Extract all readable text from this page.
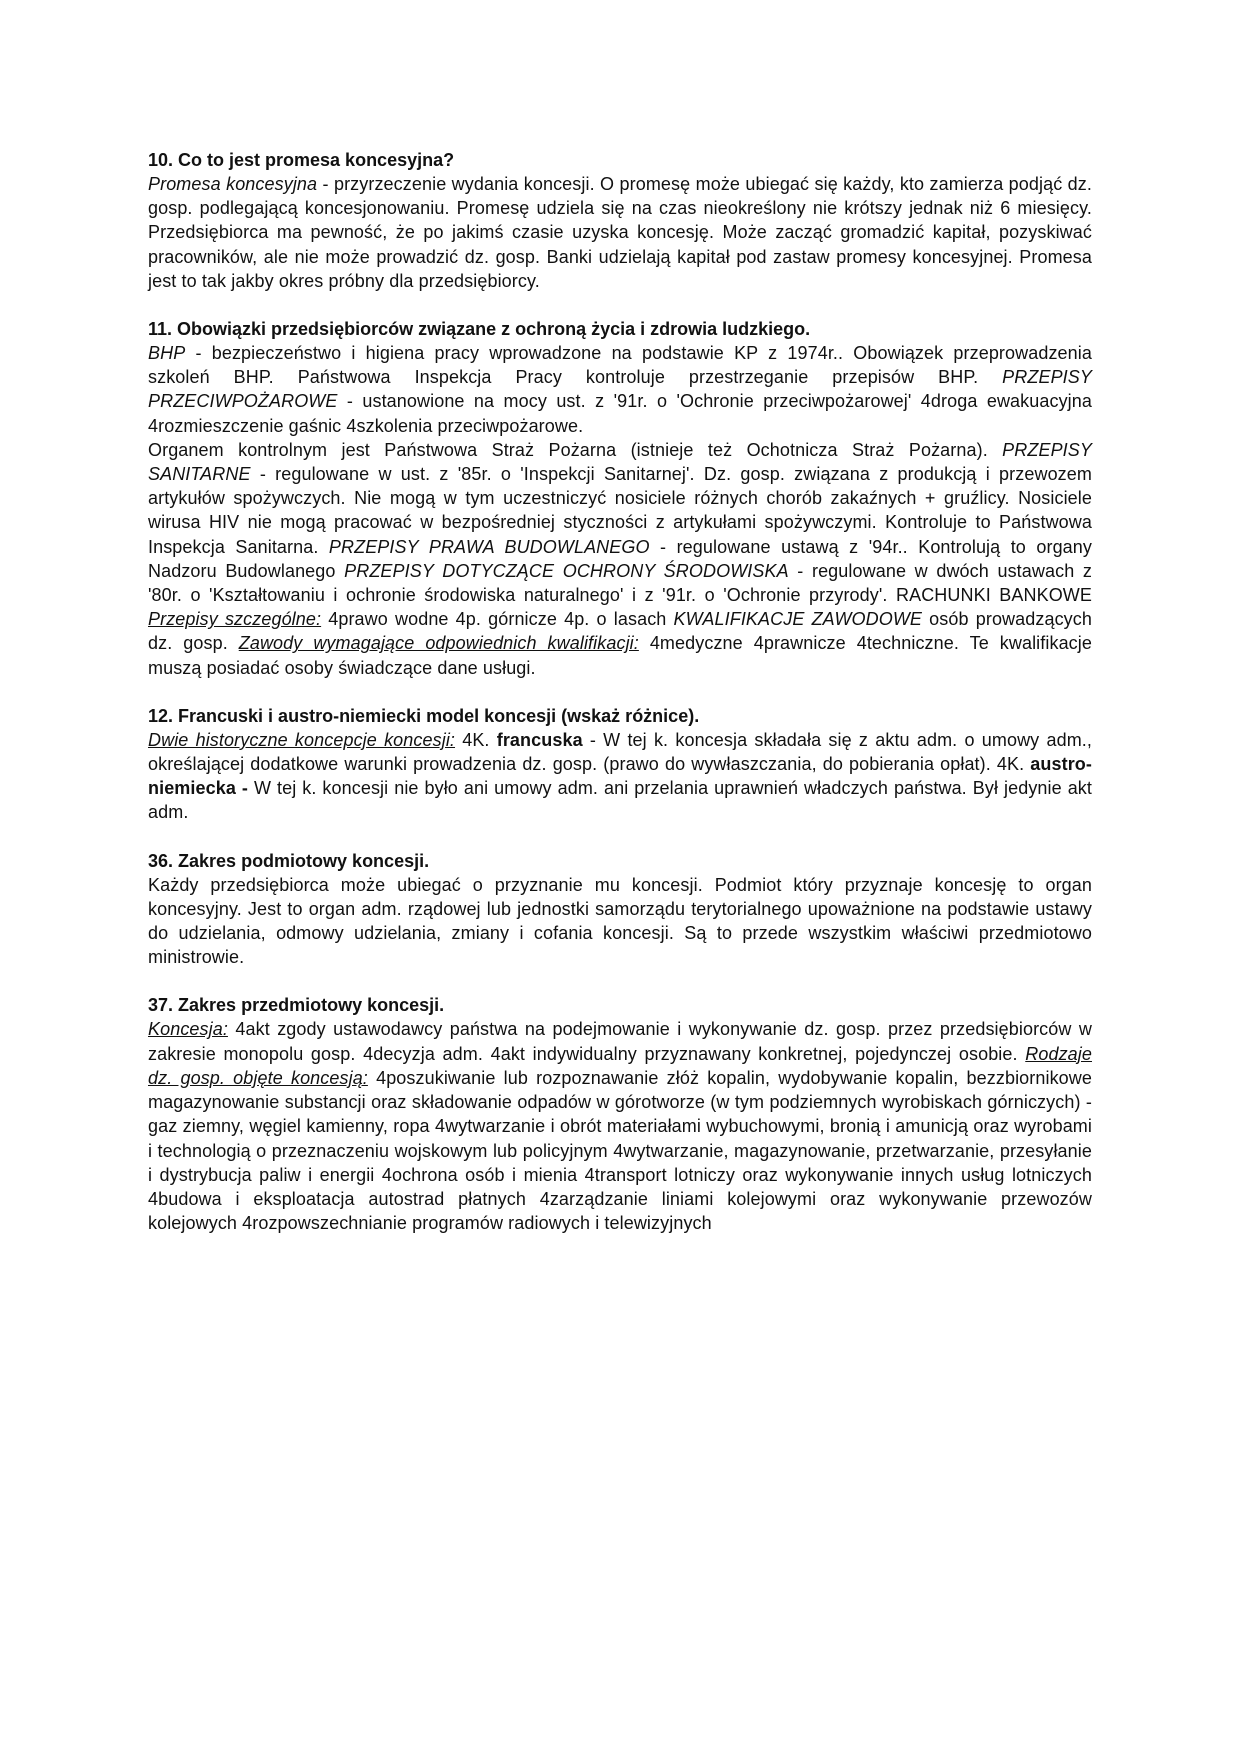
10. Co to jest promesa koncesyjna?

Promesa koncesyjna - przyrzeczenie wydania koncesji. O promesę może ubiegać się każdy, kto zamierza podjąć dz. gosp. podlegającą koncesjonowaniu. Promesę udziela się na czas nieokreślony nie krótszy jednak niż 6 miesięcy. Przedsiębiorca ma pewność, że po jakimś czasie uzyska koncesję. Może zacząć gromadzić kapitał, pozyskiwać pracowników, ale nie może prowadzić dz. gosp. Banki udzielają kapitał pod zastaw promesy koncesyjnej. Promesa jest to tak jakby okres próbny dla przedsiębiorcy.

11. Obowiązki przedsiębiorców związane z ochroną życia i zdrowia ludzkiego.

BHP - bezpieczeństwo i higiena pracy wprowadzone na podstawie KP z 1974r.. Obowiązek przeprowadzenia szkoleń BHP. Państwowa Inspekcja Pracy kontroluje przestrzeganie przepisów BHP. PRZEPISY PRZECIWPOŻAROWE - ustanowione na mocy ust. z '91r. o 'Ochronie przeciwpożarowej' 4droga ewakuacyjna 4rozmieszczenie gaśnic 4szkolenia przeciwpożarowe.

Organem kontrolnym jest Państwowa Straż Pożarna (istnieje też Ochotnicza Straż Pożarna). PRZEPISY SANITARNE - regulowane w ust. z '85r. o 'Inspekcji Sanitarnej'. Dz. gosp. związana z produkcją i przewozem artykułów spożywczych. Nie mogą w tym uczestniczyć nosiciele różnych chorób zakaźnych + gruźlicy. Nosiciele wirusa HIV nie mogą pracować w bezpośredniej styczności z artykułami spożywczymi. Kontroluje to Państwowa Inspekcja Sanitarna. PRZEPISY PRAWA BUDOWLANEGO - regulowane ustawą z '94r.. Kontrolują to organy Nadzoru Budowlanego PRZEPISY DOTYCZĄCE OCHRONY ŚRODOWISKA - regulowane w dwóch ustawach z '80r. o 'Kształtowaniu i ochronie środowiska naturalnego' i z '91r. o 'Ochronie przyrody'. RACHUNKI BANKOWE Przepisy szczególne: 4prawo wodne 4p. górnicze 4p. o lasach KWALIFIKACJE ZAWODOWE osób prowadzących dz. gosp. Zawody wymagające odpowiednich kwalifikacji: 4medyczne 4prawnicze 4techniczne. Te kwalifikacje muszą posiadać osoby świadczące dane usługi.

12. Francuski i austro-niemiecki model koncesji (wskaż różnice).

Dwie historyczne koncepcje koncesji: 4K. francuska - W tej k. koncesja składała się z aktu adm. o umowy adm., określającej dodatkowe warunki prowadzenia dz. gosp. (prawo do wywłaszczania, do pobierania opłat). 4K. austro-niemiecka - W tej k. koncesji nie było ani umowy adm. ani przelania uprawnień władczych państwa. Był jedynie akt adm.

36. Zakres podmiotowy koncesji.

Każdy przedsiębiorca może ubiegać o przyznanie mu koncesji. Podmiot który przyznaje koncesję to organ koncesyjny. Jest to organ adm. rządowej lub jednostki samorządu terytorialnego upoważnione na podstawie ustawy do udzielania, odmowy udzielania, zmiany i cofania koncesji. Są to przede wszystkim właściwi przedmiotowo ministrowie.

37. Zakres przedmiotowy koncesji.

Koncesja: 4akt zgody ustawodawcy państwa na podejmowanie i wykonywanie dz. gosp. przez przedsiębiorców w zakresie monopolu gosp. 4decyzja adm. 4akt indywidualny przyznawany konkretnej, pojedynczej osobie. Rodzaje dz. gosp. objęte koncesją: 4poszukiwanie lub rozpoznawanie złóż kopalin, wydobywanie kopalin, bezzbiornikowe magazynowanie substancji oraz składowanie odpadów w górotworze (w tym podziemnych wyrobiskach górniczych) - gaz ziemny, węgiel kamienny, ropa 4wytwarzanie i obrót materiałami wybuchowymi, bronią i amunicją oraz wyrobami i technologią o przeznaczeniu wojskowym lub policyjnym 4wytwarzanie, magazynowanie, przetwarzanie, przesyłanie i dystrybucja paliw i energii 4ochrona osób i mienia 4transport lotniczy oraz wykonywanie innych usług lotniczych 4budowa i eksploatacja autostrad płatnych 4zarządzanie liniami kolejowymi oraz wykonywanie przewozów kolejowych 4rozpowszechnianie programów radiowych i telewizyjnych
